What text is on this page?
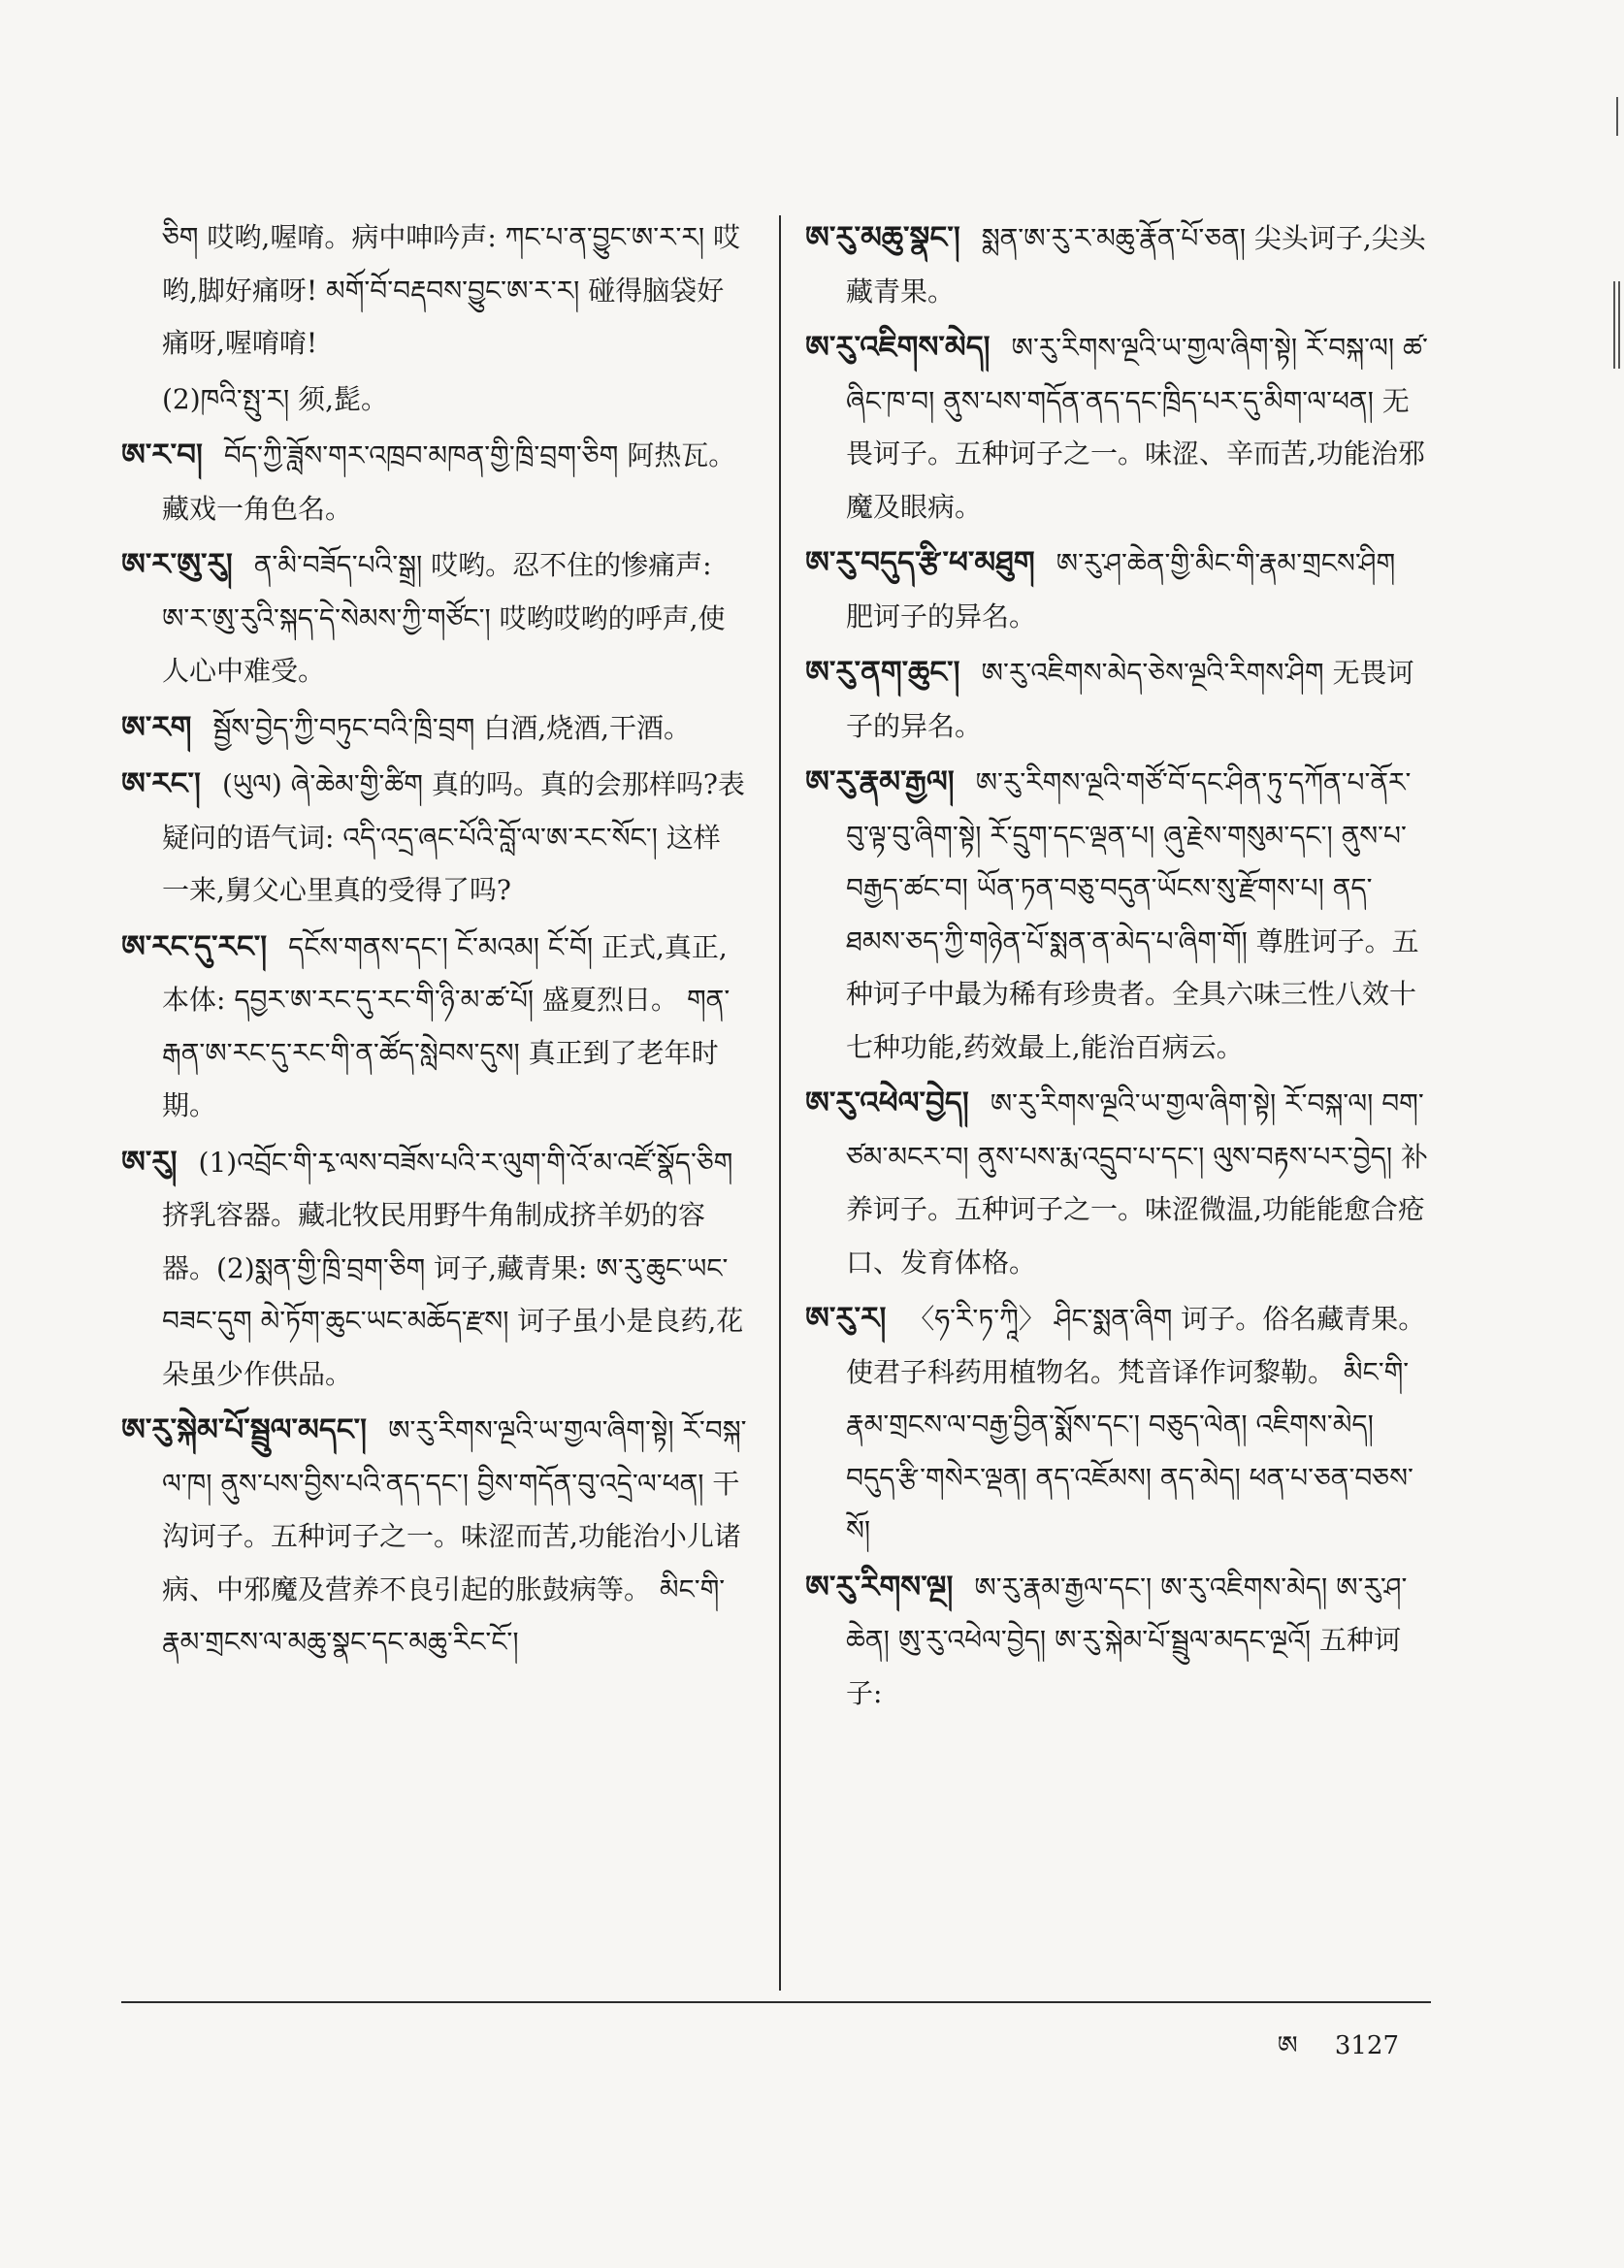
ཅིག 哎哟,喔唷。病中呻吟声: ཀང་པ་ན་བྱུང་ཨ་ར་ར། 哎哟,脚好痛呀! མགོ་བོ་བརྡབས་བྱུང་ཨ་ར་ར། 碰得脑袋好痛呀,喔唷唷!

(2)ཁའི་སྤུ་ར། 须,髭。

ཨ་ར་བ། བོད་ཀྱི་ཟློས་གར་འཁྲབ་མཁན་གྱི་ཁྲི་བྲག་ཅིག 阿热瓦。藏戏一角色名。

ཨ་ར་ཨུ་རུ། ན་མི་བཟོད་པའི་སྒྲ། 哎哟。忍不住的惨痛声: ཨ་ར་ཨུ་རུའི་སྐད་དེ་སེམས་ཀྱི་གཙོང་། 哎哟哎哟的呼声,使人心中难受。

ཨ་རག སྦྱོས་བྱེད་ཀྱི་བཏུང་བའི་ཁྲི་བྲག 白酒,烧酒,干酒。

ཨ་རང་། (ཡུལ) ཞེ་ཆེམ་གྱི་ཚིག 真的吗。真的会那样吗?表疑问的语气词: འདི་འདྲ་ཞང་པོའི་བློ་ལ་ཨ་རང་སོང་། 这样一来,舅父心里真的受得了吗?

ཨ་རང་དུ་རང་། དངོས་གནས་དང་། ངོ་མའམ། ངོ་བོ། 正式,真正,本体: དབྱར་ཨ་རང་དུ་རང་གི་ཉི་མ་ཚ་པོ། 盛夏烈日。 གན་རྒན་ཨ་རང་དུ་རང་གི་ན་ཚོད་སླེབས་དུས། 真正到了老年时期。

ཨ་རུ། (1)འབྲོང་གི་རྭ་ལས་བཟོས་པའི་ར་ལུག་གི་འོ་མ་འཛོ་སྣོད་ཅིག 挤乳容器。藏北牧民用野牛角制成挤羊奶的容器。(2)སྨན་གྱི་ཁྲི་བྲག་ཅིག 诃子,藏青果: ཨ་རུ་ཆུང་ཡང་བཟང་དུག མེ་ཏོག་ཆུང་ཡང་མཆོད་རྫས། 诃子虽小是良药,花朵虽少作供品。

ཨ་རུ་སྐེམ་པོ་སྦྲུལ་མདང་། ཨ་རུ་རིགས་ལྔའི་ཡ་གྱལ་ཞིག་སྟེ། རོ་བསྐ་ལ་ཁ། ནུས་པས་བྱིས་པའི་ནད་དང་། བྱིས་གདོན་བུ་འདྲེ་ལ་ཕན། 干沟诃子。五种诃子之一。味涩而苦,功能治小儿诸病、中邪魔及营养不良引起的胀鼓病等。 མིང་གི་རྣམ་གྲངས་ལ་མཆུ་སྣང་དང་མཆུ་རིང་ངོ་།

ཨ་རུ་མཆུ་སྣང་། སྨན་ཨ་རུ་ར་མཆུ་རྣོན་པོ་ཅན། 尖头诃子,尖头藏青果。

ཨ་རུ་འཇིགས་མེད། ཨ་རུ་རིགས་ལྔའི་ཡ་གྱལ་ཞིག་སྟེ། རོ་བསྐ་ལ། ཚ་ཞིང་ཁ་བ། ནུས་པས་གདོན་ནད་དང་ཁྲིད་པར་དུ་མིག་ལ་ཕན། 无畏诃子。五种诃子之一。味涩、辛而苦,功能治邪魔及眼病。

ཨ་རུ་བདུད་རྩི་ཕ་མཐུག ཨ་རུ་ཤ་ཆེན་གྱི་མིང་གི་རྣམ་གྲངས་ཤིག 肥诃子的异名。

ཨ་རུ་ནག་ཆུང་། ཨ་རུ་འཇིགས་མེད་ཅེས་ལྔའི་རིགས་ཤིག 无畏诃子的异名。

ཨ་རུ་རྣམ་རྒྱལ། ཨ་རུ་རིགས་ལྔའི་གཙོ་བོ་དང་ཤིན་ཏུ་དཀོན་པ་ནོར་བུ་ལྟ་བུ་ཞིག་སྟེ། རོ་དྲུག་དང་ལྡན་པ། ཞུ་རྗེས་གསུམ་དང་། ནུས་པ་བརྒྱད་ཚང་བ། ཡོན་ཏན་བཅུ་བདུན་ཡོངས་སུ་རྫོགས་པ། ནད་ཐམས་ཅད་ཀྱི་གཉེན་པོ་སྨན་ན་མེད་པ་ཞིག་གོ། 尊胜诃子。五种诃子中最为稀有珍贵者。全具六味三性八效十七种功能,药效最上,能治百病云。

ཨ་རུ་འཕེལ་བྱེད། ཨ་རུ་རིགས་ལྔའི་ཡ་གྱལ་ཞིག་སྟེ། རོ་བསྐ་ལ། བག་ཙམ་མངར་བ། ནུས་པས་རྨ་འདྲུབ་པ་དང་། ལུས་བརྟས་པར་བྱེད། 补养诃子。五种诃子之一。味涩微温,功能能愈合疮口、发育体格。

ཨ་རུ་ར། 〈ཧ་རི་ཏ་ཀཱི〉 ཤིང་སྨན་ཞིག 诃子。俗名藏青果。使君子科药用植物名。梵音译作诃黎勒。 མིང་གི་རྣམ་གྲངས་ལ་བརྒྱ་བྱིན་སྨོས་དང་། བཅུད་ལེན། འཇིགས་མེད། བདུད་རྩི་གསེར་ལྡན། ནད་འཇོམས། ནད་མེད། ཕན་པ་ཅན་བཅས་སོ།

ཨ་རུ་རིགས་ལྔ། ཨ་རུ་རྣམ་རྒྱལ་དང་། ཨ་རུ་འཇིགས་མེད། ཨ་རུ་ཤ་ཆེན། ཨུ་རུ་འཕེལ་བྱེད། ཨ་རུ་སྐེམ་པོ་སྦྲུལ་མདང་ལྔའོ། 五种诃子:

ཨ 3127
